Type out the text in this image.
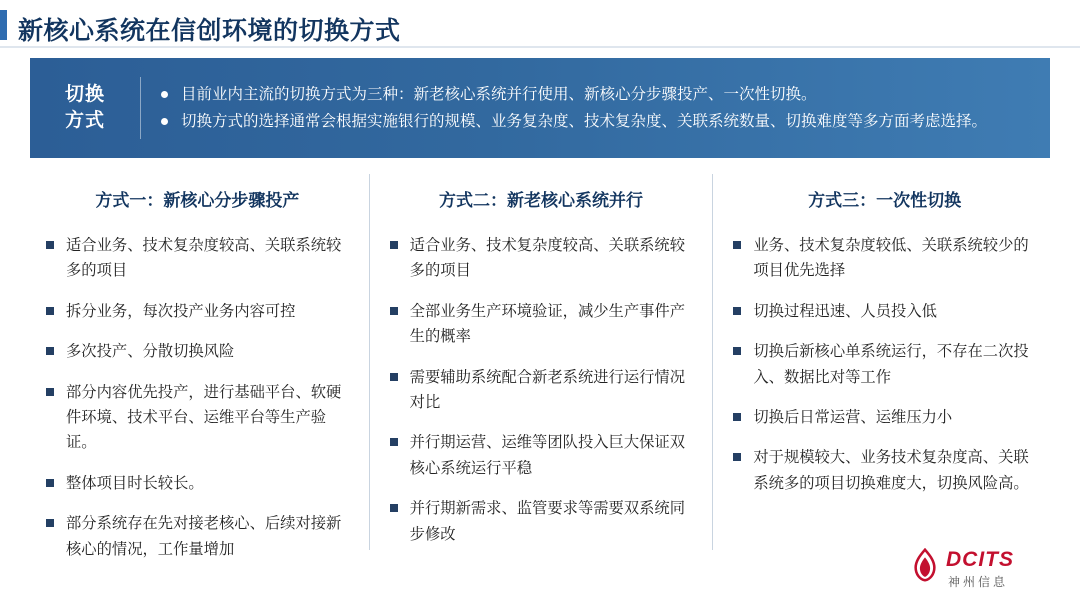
新核心系统在信创环境的切换方式
切换
方式
目前业内主流的切换方式为三种：新老核心系统并行使用、新核心分步骤投产、一次性切换。
切换方式的选择通常会根据实施银行的规模、业务复杂度、技术复杂度、关联系统数量、切换难度等多方面考虑选择。
方式一：新核心分步骤投产
适合业务、技术复杂度较高、关联系统较多的项目
拆分业务，每次投产业务内容可控
多次投产、分散切换风险
部分内容优先投产，进行基础平台、软硬件环境、技术平台、运维平台等生产验证。
整体项目时长较长。
部分系统存在先对接老核心、后续对接新核心的情况，工作量增加
方式二：新老核心系统并行
适合业务、技术复杂度较高、关联系统较多的项目
全部业务生产环境验证，减少生产事件产生的概率
需要辅助系统配合新老系统进行运行情况对比
并行期运营、运维等团队投入巨大保证双核心系统运行平稳
并行期新需求、监管要求等需要双系统同步修改
方式三：一次性切换
业务、技术复杂度较低、关联系统较少的项目优先选择
切换过程迅速、人员投入低
切换后新核心单系统运行，不存在二次投入、数据比对等工作
切换后日常运营、运维压力小
对于规模较大、业务技术复杂度高、关联系统多的项目切换难度大，切换风险高。
DCITS
神州信息
